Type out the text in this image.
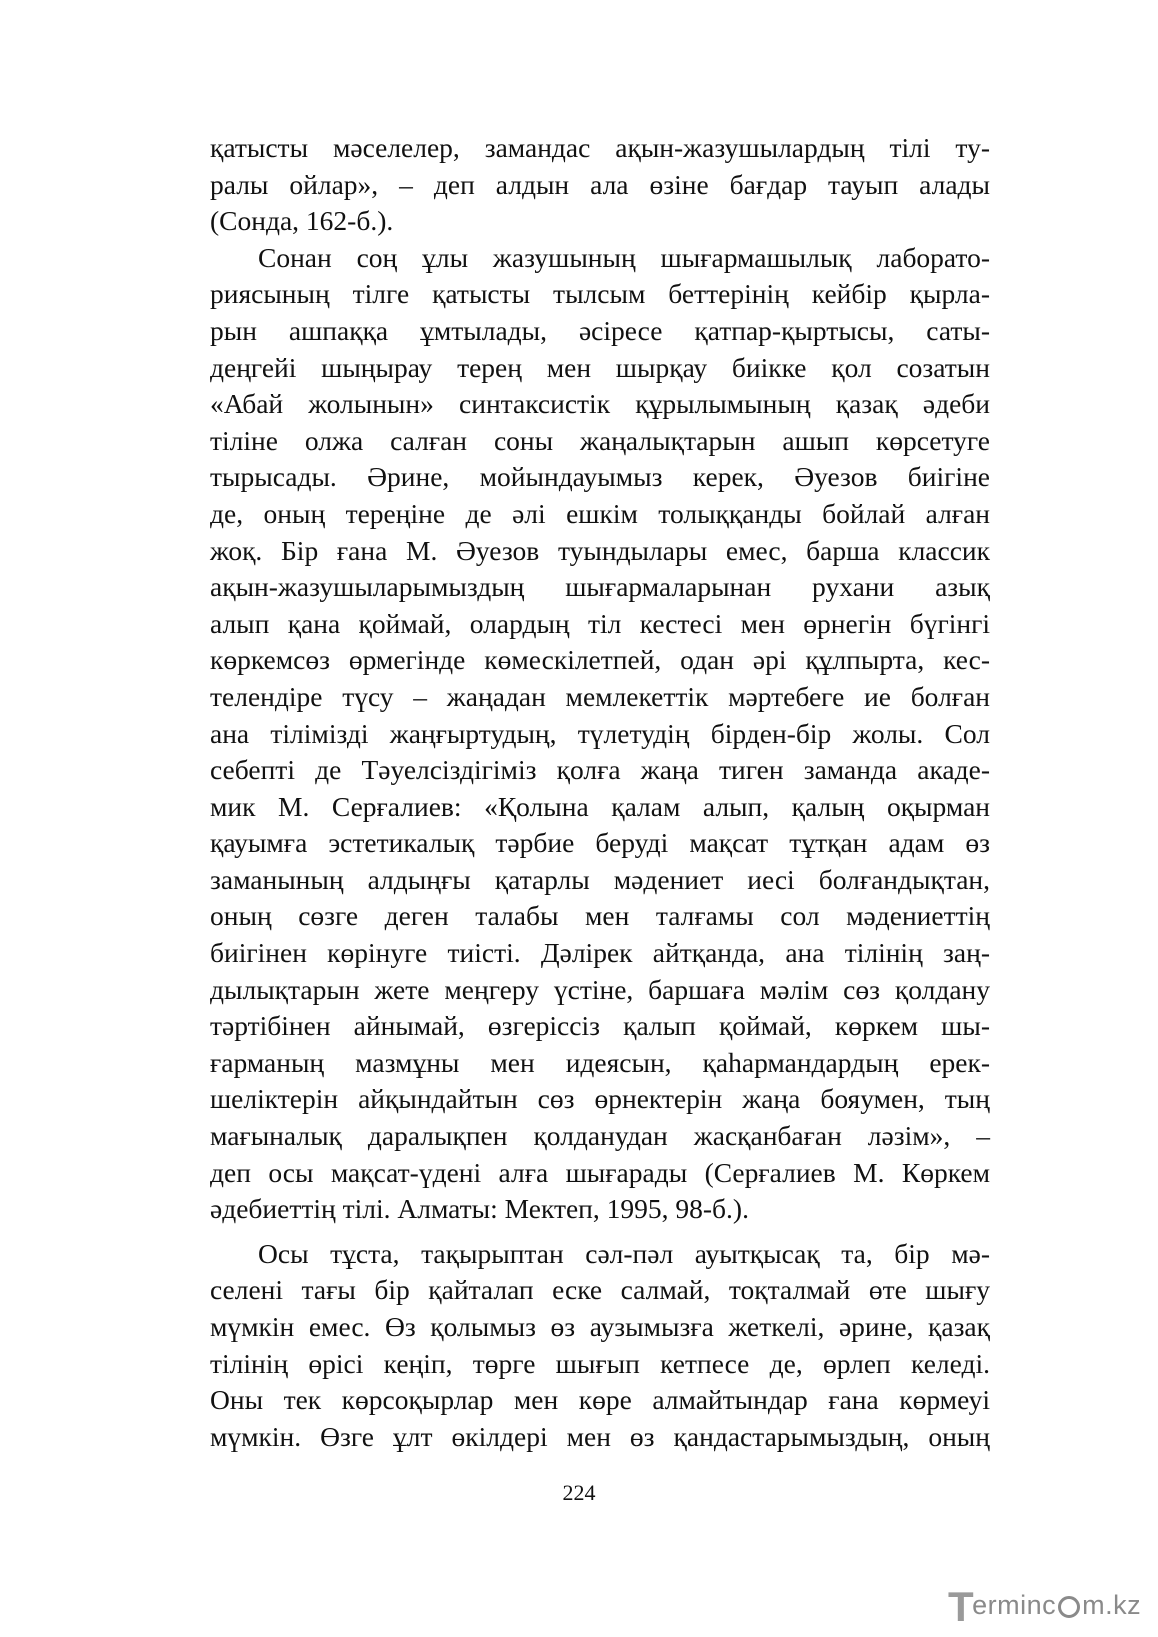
қатысты мәселелер, замандас ақын-жазушылардың тілі ту-
ралы ойлар», – деп алдын ала өзіне бағдар тауып алады
(Сонда, 162-б.).
Сонан соң ұлы жазушының шығармашылық лаборато-
риясының тілге қатысты тылсым беттерінің кейбір қырла-
рын ашпаққа ұмтылады, әсіресе қатпар-қыртысы, саты-
деңгейі шыңырау терең мен шырқау биікке қол созатын
«Абай жолынын» синтаксистік құрылымының қазақ әдеби
тіліне олжа салған соны жаңалықтарын ашып көрсетуге
тырысады. Әрине, мойындауымыз керек, Әуезов биігіне
де, оның тереңіне де әлі ешкім толыққанды бойлай алған
жоқ. Бір ғана М. Әуезов туындылары емес, барша классик
ақын-жазушыларымыздың шығармаларынан рухани азық
алып қана қоймай, олардың тіл кестесі мен өрнегін бүгінгі
көркемсөз өрмегінде көмескілетпей, одан әрі құлпырта, кес-
телендіре түсу – жаңадан мемлекеттік мәртебеге ие болған
ана тілімізді жаңғыртудың, түлетудің бірден-бір жолы. Сол
себепті де Тәуелсіздігіміз қолға жаңа тиген заманда акаде-
мик М. Серғалиев: «Қолына қалам алып, қалың оқырман
қауымға эстетикалық тәрбие беруді мақсат тұтқан адам өз
заманының алдыңғы қатарлы мәдениет иесі болғандықтан,
оның сөзге деген талабы мен талғамы сол мәдениеттің
биігінен көрінуге тиісті. Дәлірек айтқанда, ана тілінің заң-
дылықтарын жете меңгеру үстіне, баршаға мәлім сөз қолдану
тәртібінен айнымай, өзгеріссіз қалып қоймай, көркем шы-
ғарманың мазмұны мен идеясын, қаһармандардың ерек-
шеліктерін айқындайтын сөз өрнектерін жаңа бояумен, тың
мағыналық даралықпен қолданудан жасқанбаған ләзім», –
деп осы мақсат-үдені алға шығарады (Серғалиев М. Көркем
әдебиеттің тілі. Алматы: Мектеп, 1995, 98-б.).
Осы тұста, тақырыптан сәл-пәл ауытқысақ та, бір мә-
селені тағы бір қайталап еске салмай, тоқталмай өте шығу
мүмкін емес. Өз қолымыз өз аузымызға жеткелі, әрине, қазақ
тілінің өрісі кеңіп, төрге шығып кетпесе де, өрлеп келеді.
Оны тек көрсоқырлар мен көре алмайтындар ғана көрмеуі
мүмкін. Өзге ұлт өкілдері мен өз қандастарымыздың, оның
224
T
ermin c m .kz
